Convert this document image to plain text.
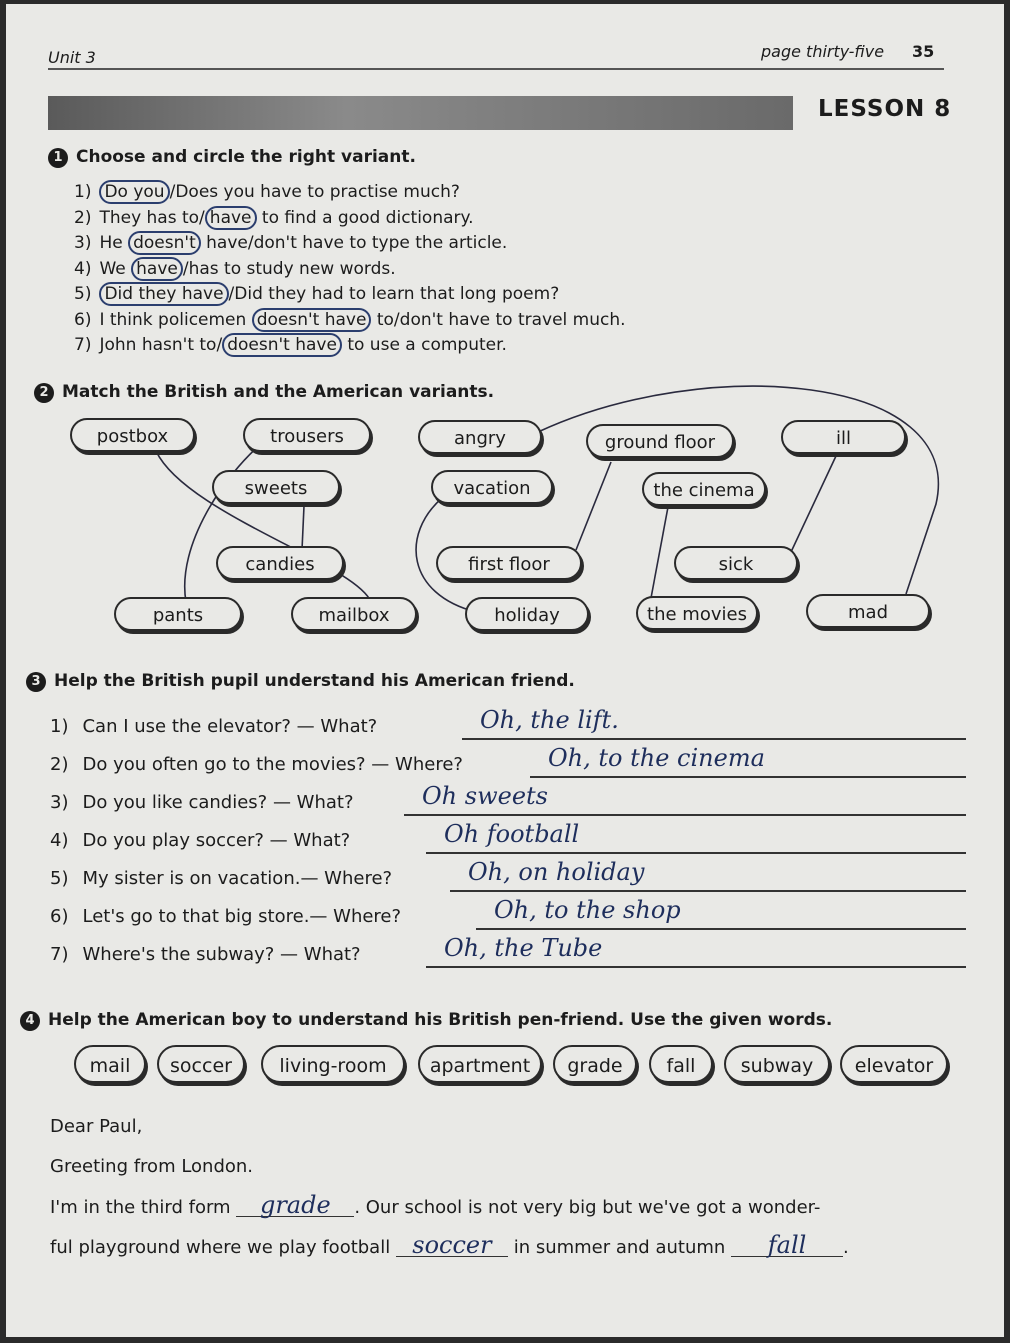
Unit 3	page thirty-five 35
LESSON 8
1 Choose and circle the right variant.
1) Do you /Does you have to practise much?
2) They has to/ have to find a good dictionary.
3) He doesn't have/don't have to type the article.
4) We have /has to study new words.
5) Did they have /Did they had to learn that long poem?
6) I think policemen doesn't have to/don't have to travel much.
7) John hasn't to/ doesn't have to use a computer.
2 Match the British and the American variants.
postbox	trousers	angry	ground floor	ill
sweets	vacation	the cinema
candies	first floor	sick
pants	mailbox	holiday	the movies	mad
3 Help the British pupil understand his American friend.
1) Can I use the elevator? — What?	Oh, the lift.
2) Do you often go to the movies? — Where?	Oh, to the cinema
3) Do you like candies? — What?	Oh sweets
4) Do you play soccer? — What?	Oh football
5) My sister is on vacation.— Where?	Oh, on holiday
6) Let's go to that big store.— Where?	Oh, to the shop
7) Where's the subway? — What?	Oh, the Tube
4 Help the American boy to understand his British pen-friend. Use the given words.
mail	soccer	living-room	apartment	grade	fall	subway	elevator
Dear Paul,
Greeting from London.
I'm in the third form grade . Our school is not very big but we've got a wonder-
ful playground where we play football soccer in summer and autumn fall .
